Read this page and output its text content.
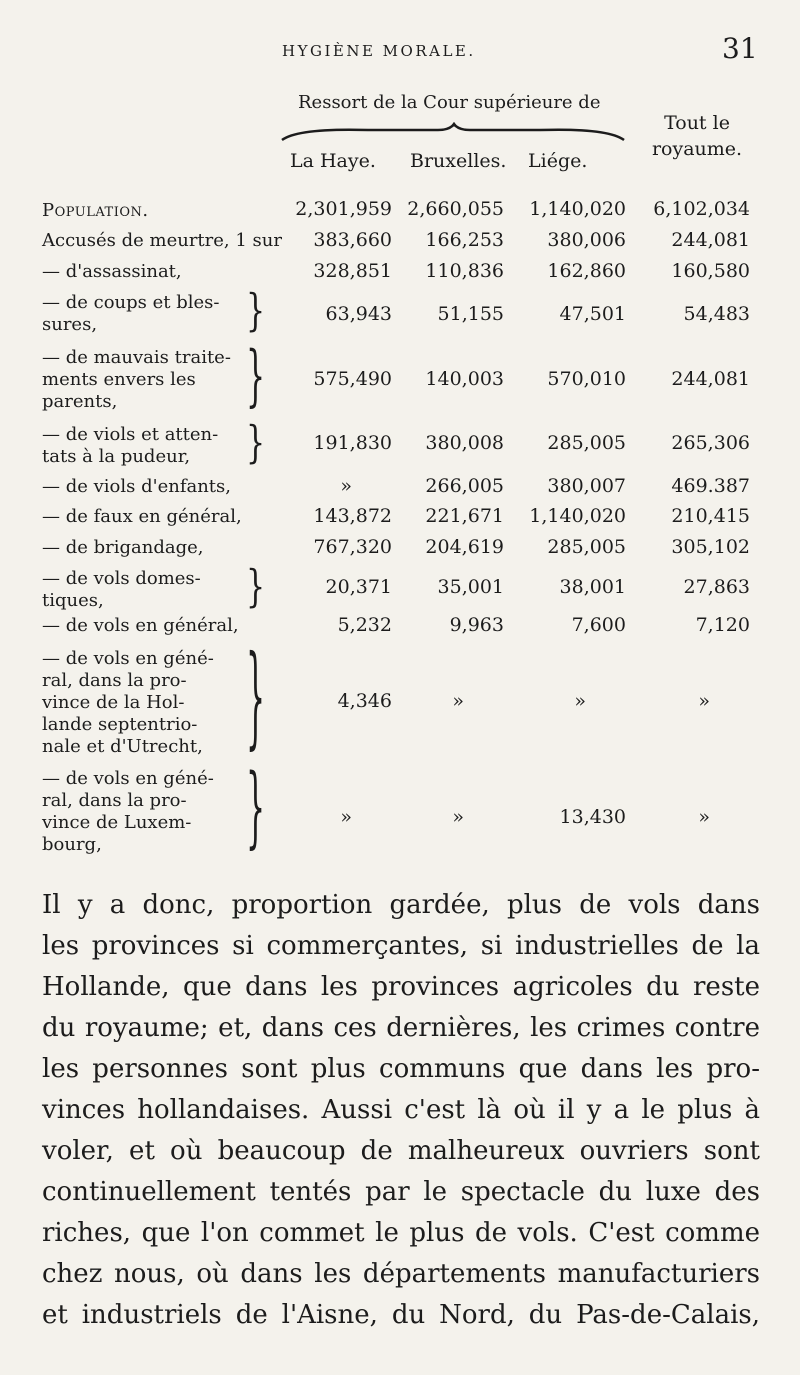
HYGIÈNE MORALE.	31
Ressort de la Cour supérieure de
Tout le
royaume.
La Haye. Bruxelles. Liége.
Population.	2,301,959 2,660,055	1,140,020	6,102,034
Accusés de meurtre, 1 sur	383,660	166,253	380,006	244,081
— d'assassinat,	328,851	110,836	162,860	160,580
— de coups et bles-
sures,	}	63,943	51,155	47,501	54,483
— de mauvais traite-
ments envers les
parents,	}	575,490	140,003	570,010	244,081
— de viols et atten-
tats à la pudeur,	}	191,830	380,008	285,005	265,306
— de viols d'enfants,	»	266,005	380,007	469.387
— de faux en général,	143,872	221,671	1,140,020	210,415
— de brigandage,	767,320	204,619	285,005	305,102
— de vols domes-
tiques,	}	20,371	35,001	38,001	27,863
— de vols en général,	5,232	9,963	7,600	7,120
— de vols en géné-
ral, dans la pro-
vince de la Hol-
lande septentrio-
nale et d'Utrecht,	}	4,346	»	»	»
— de vols en géné-
ral, dans la pro-
vince de Luxem-
bourg,	}	»	»	13,430	»
Il y a donc, proportion gardée, plus de vols dans
les provinces si commerçantes, si industrielles de la
Hollande, que dans les provinces agricoles du reste
du royaume; et, dans ces dernières, les crimes contre
les personnes sont plus communs que dans les pro-
vinces hollandaises. Aussi c'est là où il y a le plus à
voler, et où beaucoup de malheureux ouvriers sont
continuellement tentés par le spectacle du luxe des
riches, que l'on commet le plus de vols. C'est comme
chez nous, où dans les départements manufacturiers
et industriels de l'Aisne, du Nord, du Pas-de-Calais,
